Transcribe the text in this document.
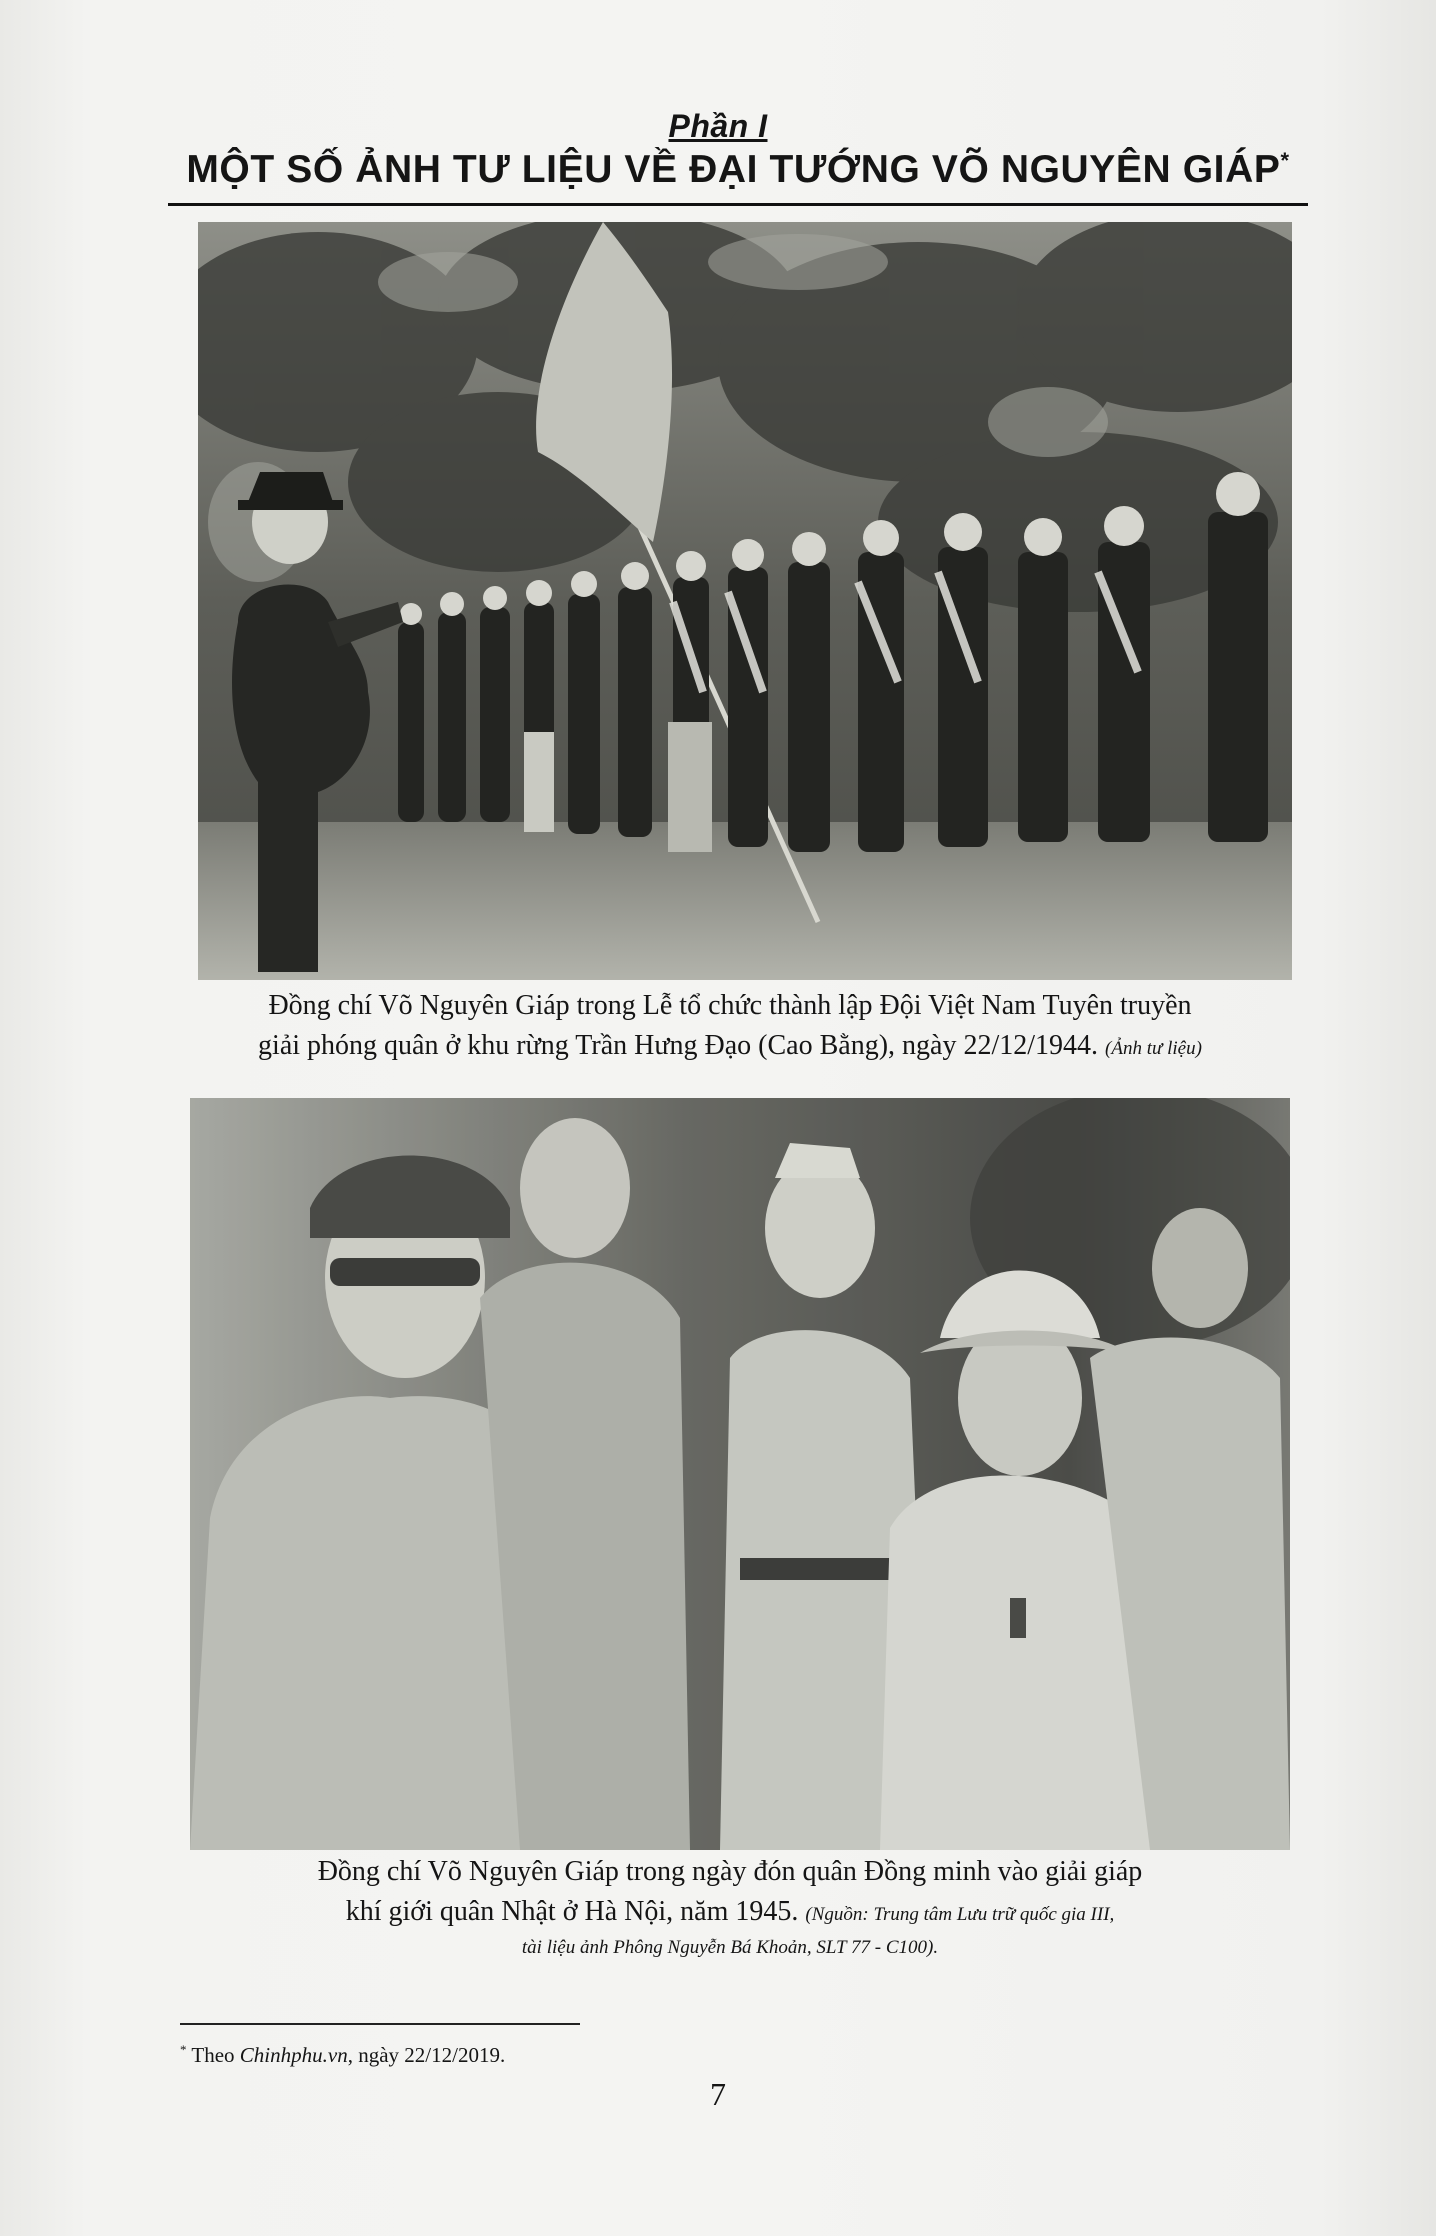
Phần I
MỘT SỐ ẢNH TƯ LIỆU VỀ ĐẠI TƯỚNG VÕ NGUYÊN GIÁP*
Đồng chí Võ Nguyên Giáp trong Lễ tổ chức thành lập Đội Việt Nam Tuyên truyền
giải phóng quân ở khu rừng Trần Hưng Đạo (Cao Bằng), ngày 22/12/1944. (Ảnh tư liệu)
Đồng chí Võ Nguyên Giáp trong ngày đón quân Đồng minh vào giải giáp
khí giới quân Nhật ở Hà Nội, năm 1945. (Nguồn: Trung tâm Lưu trữ quốc gia III,
tài liệu ảnh Phông Nguyễn Bá Khoản, SLT 77 - C100).
* Theo Chinhphu.vn, ngày 22/12/2019.
7
